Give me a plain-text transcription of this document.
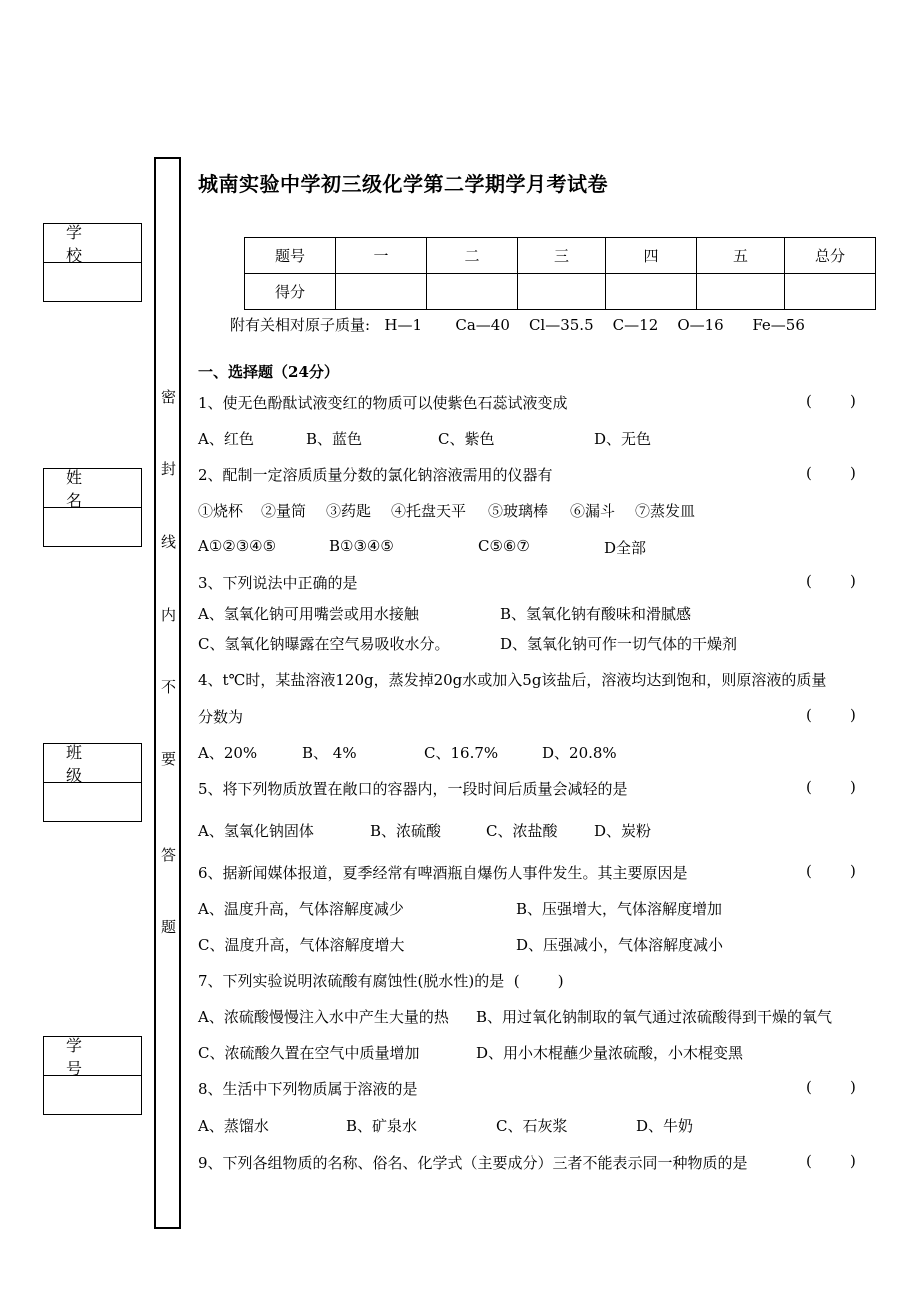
学校
姓名
班级
学号
密
封
线
内
不
要
答
题
城南实验中学初三级化学第二学期学月考试卷
题号	一	二	三	四	五	总分
得分						
附有关相对原子质量:   H—1       Ca—40    Cl—35.5    C—12    O—16      Fe—56
一、选择题（24分）
1、使无色酚酞试液变红的物质可以使紫色石蕊试液变成	(        )
A、红色	B、蓝色	C、紫色	D、无色
2、配制一定溶质质量分数的氯化钠溶液需用的仪器有	(        )
①烧杯 ②量筒 ③药匙 ④托盘天平 ⑤玻璃棒 ⑥漏斗 ⑦蒸发皿
A①②③④⑤	B①③④⑤	C⑤⑥⑦	D全部
3、下列说法中正确的是	(        )
A、氢氧化钠可用嘴尝或用水接触	B、氢氧化钠有酸味和滑腻感
C、氢氧化钠曝露在空气易吸收水分。	D、氢氧化钠可作一切气体的干燥剂
4、t℃时，某盐溶液120g，蒸发掉20g水或加入5g该盐后，溶液均达到饱和，则原溶液的质量
分数为	(        )
A、20%	B、 4%	C、16.7%	D、20.8%
5、将下列物质放置在敞口的容器内，一段时间后质量会减轻的是	(        )
A、氢氧化钠固体	B、浓硫酸	C、浓盐酸 D、炭粉
6、据新闻媒体报道，夏季经常有啤酒瓶自爆伤人事件发生。其主要原因是	(        )
A、温度升高，气体溶解度减少	B、压强增大，气体溶解度增加
C、温度升高，气体溶解度增大	D、压强减小，气体溶解度减小
7、下列实验说明浓硫酸有腐蚀性(脱水性)的是  (        )
A、浓硫酸慢慢注入水中产生大量的热 B、用过氧化钠制取的氧气通过浓硫酸得到干燥的氧气
C、浓硫酸久置在空气中质量增加	D、用小木棍蘸少量浓硫酸，小木棍变黑
8、生活中下列物质属于溶液的是	(        )
A、蒸馏水	B、矿泉水	C、石灰浆	D、牛奶
9、下列各组物质的名称、俗名、化学式（主要成分）三者不能表示同一种物质的是	(        )
